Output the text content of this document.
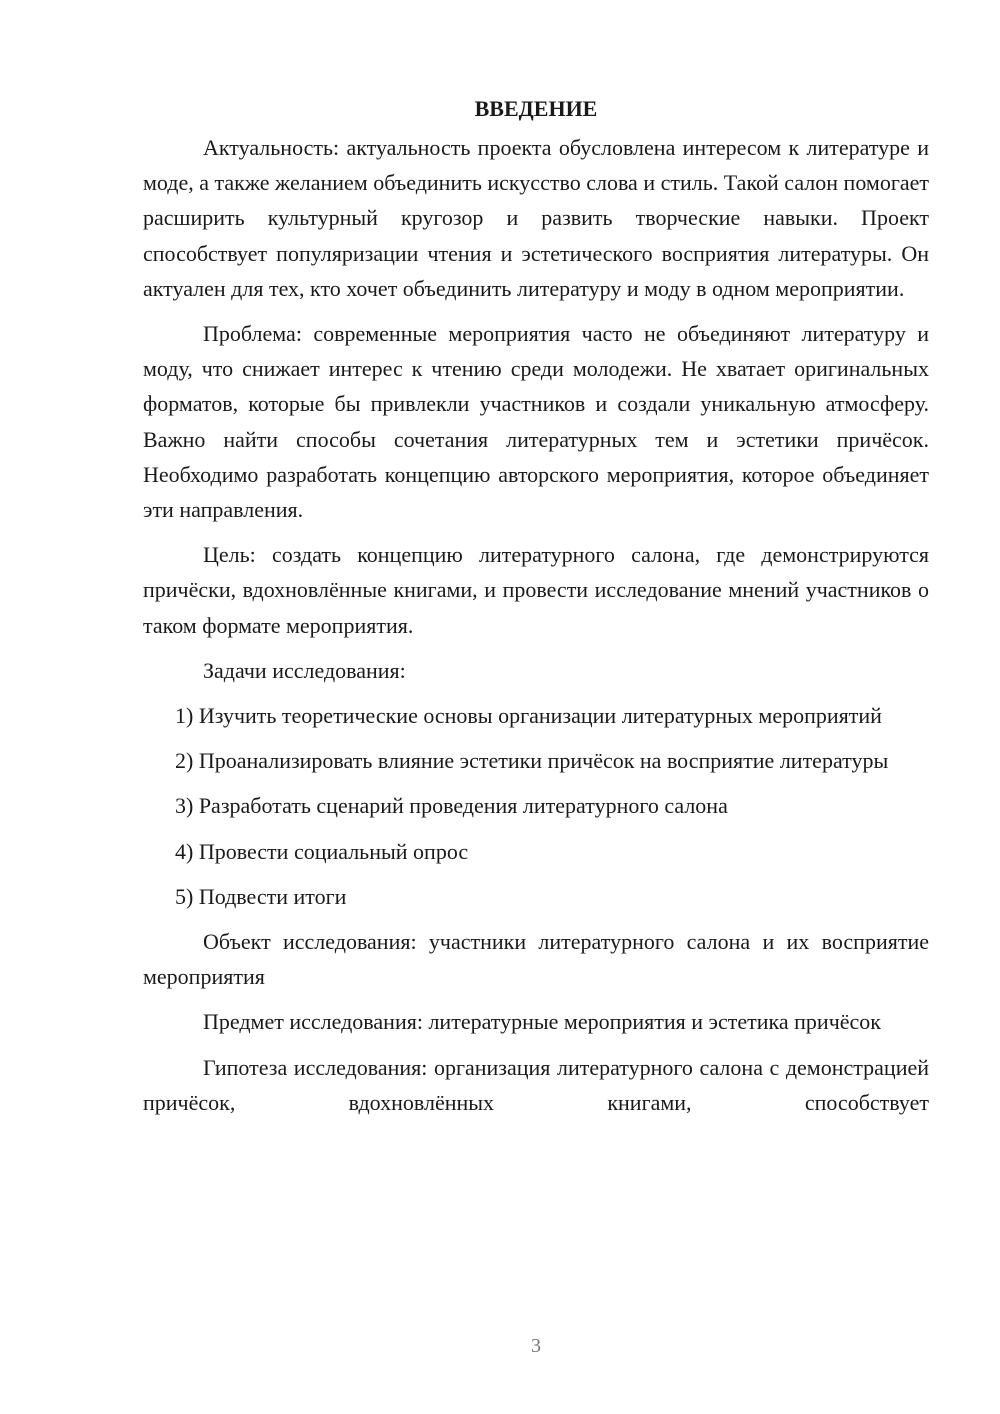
ВВЕДЕНИЕ

Актуальность: актуальность проекта обусловлена интересом к литературе и моде, а также желанием объединить искусство слова и стиль. Такой салон помогает расширить культурный кругозор и развить творческие навыки. Проект способствует популяризации чтения и эстетического восприятия литературы. Он актуален для тех, кто хочет объединить литературу и моду в одном мероприятии.

Проблема: современные мероприятия часто не объединяют литературу и моду, что снижает интерес к чтению среди молодежи. Не хватает оригинальных форматов, которые бы привлекли участников и создали уникальную атмосферу. Важно найти способы сочетания литературных тем и эстетики причёсок. Необходимо разработать концепцию авторского мероприятия, которое объединяет эти направления.

Цель: создать концепцию литературного салона, где демонстрируются причёски, вдохновлённые книгами, и провести исследование мнений участников о таком формате мероприятия.

Задачи исследования:

1) Изучить теоретические основы организации литературных мероприятий

2) Проанализировать влияние эстетики причёсок на восприятие литературы

3) Разработать сценарий проведения литературного салона

4) Провести социальный опрос

5) Подвести итоги

Объект исследования: участники литературного салона и их восприятие мероприятия

Предмет исследования: литературные мероприятия и эстетика причёсок

Гипотеза исследования: организация литературного салона с демонстрацией причёсок, вдохновлённых книгами, способствует

3
